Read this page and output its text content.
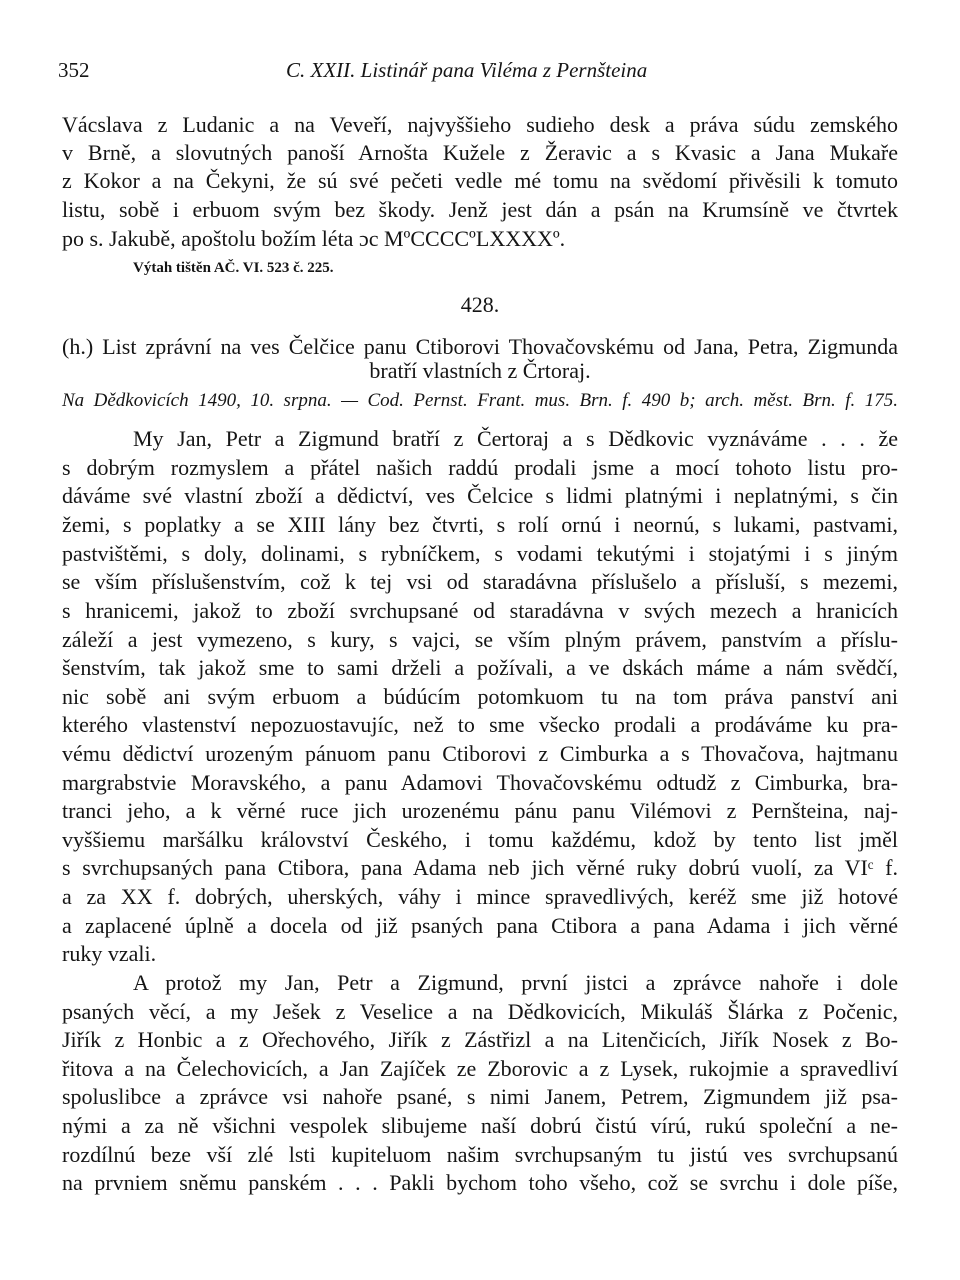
352	C. XXII. Listinář pana Viléma z Pernšteina
Vácslava z Ludanic a na Veveří, najvyššieho sudieho desk a práva súdu zemského
v Brně, a slovutných panoší Arnošta Kužele z Žeravic a s Kvasic a Jana Mukaře
z Kokor a na Čekyni, že sú své pečeti vedle mé tomu na svědomí přivěsili k tomuto
listu, sobě i erbuom svým bez škody. Jenž jest dán a psán na Krumsíně ve čtvrtek
po s. Jakubě, apoštolu božím léta ɔc MºCCCCºLXXXXº.
Výtah tištěn AČ. VI. 523 č. 225.
428.
(h.) List zprávní na ves Čelčice panu Ctiborovi Thovačovskému od Jana, Petra, Zigmunda
bratří vlastních z Črtoraj.
Na Dědkovicích 1490, 10. srpna. — Cod. Pernst. Frant. mus. Brn. f. 490 b; arch. měst. Brn. f. 175.
My Jan, Petr a Zigmund bratří z Čertoraj a s Dědkovic vyznáváme . . . že
s dobrým rozmyslem a přátel našich raddú prodali jsme a mocí tohoto listu pro-
dáváme své vlastní zboží a dědictví, ves Čelcice s lidmi platnými i neplatnými, s čin
žemi, s poplatky a se XIII lány bez čtvrti, s rolí ornú i neornú, s lukami, pastvami,
pastvištěmi, s doly, dolinami, s rybníčkem, s vodami tekutými i stojatými i s jiným
se vším příslušenstvím, což k tej vsi od staradávna příslušelo a přísluší, s mezemi,
s hranicemi, jakož to zboží svrchupsané od staradávna v svých mezech a hranicích
záleží a jest vymezeno, s kury, s vajci, se vším plným právem, panstvím a příslu-
šenstvím, tak jakož sme to sami drželi a požívali, a ve dskách máme a nám svědčí,
nic sobě ani svým erbuom a búdúcím potomkuom tu na tom práva panství ani
kterého vlastenství nepozuostavujíc, než to sme všecko prodali a prodáváme ku pra-
vému dědictví urozeným pánuom panu Ctiborovi z Cimburka a s Thovačova, hajtmanu
margrabstvie Moravského, a panu Adamovi Thovačovskému odtudž z Cimburka, bra-
tranci jeho, a k věrné ruce jich urozenému pánu panu Vilémovi z Pernšteina, naj-
vyššiemu maršálku království Českého, i tomu každému, kdož by tento list jměl
s svrchupsaných pana Ctibora, pana Adama neb jich věrné ruky dobrú vuolí, za VIᶜ f.
a za XX f. dobrých, uherských, váhy i mince spravedlivých, keréž sme již hotové
a zaplacené úplně a docela od již psaných pana Ctibora a pana Adama i jich věrné
ruky vzali.
A protož my Jan, Petr a Zigmund, první jistci a zprávce nahoře i dole
psaných věcí, a my Ješek z Veselice a na Dědkovicích, Mikuláš Šlárka z Počenic,
Jiřík z Honbic a z Ořechového, Jiřík z Zástřizl a na Litenčicích, Jiřík Nosek z Bo-
řitova a na Čelechovicích, a Jan Zajíček ze Zborovic a z Lysek, rukojmie a spravedliví
spoluslibce a zprávce vsi nahoře psané, s nimi Janem, Petrem, Zigmundem již psa-
nými a za ně všichni vespolek slibujeme naší dobrú čistú vírú, rukú společní a ne-
rozdílnú beze vší zlé lsti kupiteluom našim svrchupsaným tu jistú ves svrchupsanú
na prvniem sněmu panském . . . Pakli bychom toho všeho, což se svrchu i dole píše,
